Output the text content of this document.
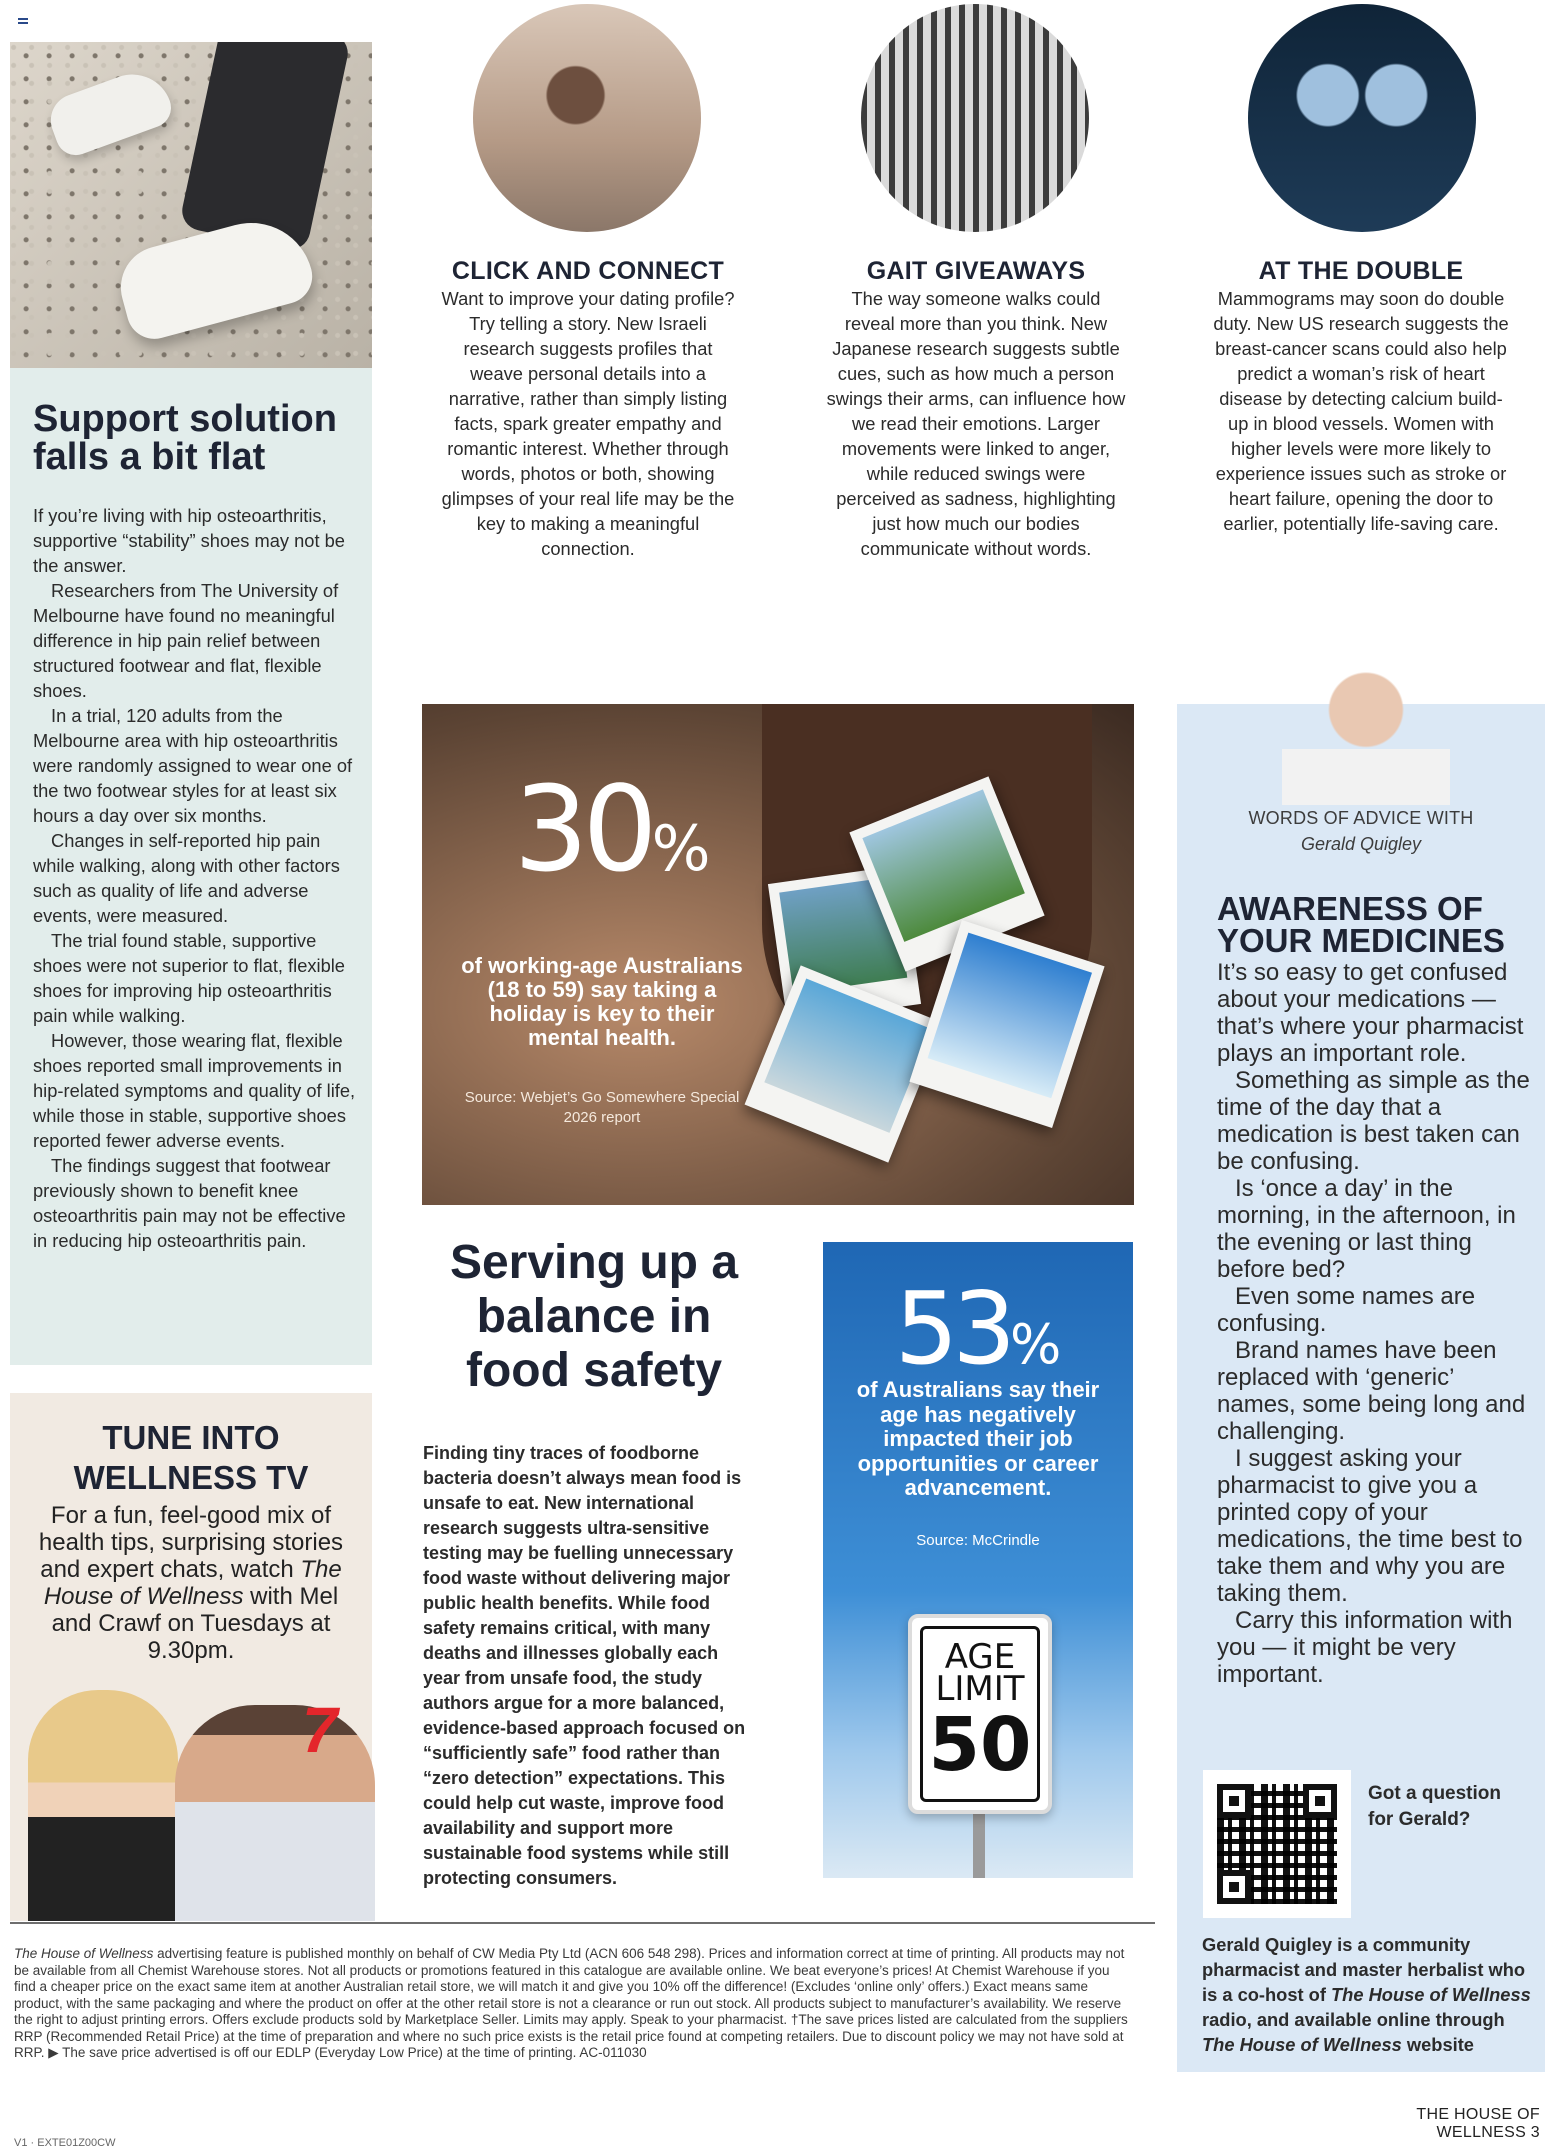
Support solution falls a bit flat

If you’re living with hip osteoarthritis, supportive “stability” shoes may not be the answer.

Researchers from The University of Melbourne have found no meaningful difference in hip pain relief between structured footwear and flat, flexible shoes.

In a trial, 120 adults from the Melbourne area with hip osteoarthritis were randomly assigned to wear one of the two footwear styles for at least six hours a day over six months.

Changes in self-reported hip pain while walking, along with other factors such as quality of life and adverse events, were measured.

The trial found stable, supportive shoes were not superior to flat, flexible shoes for improving hip osteoarthritis pain while walking.

However, those wearing flat, flexible shoes reported small improvements in hip-related symptoms and quality of life, while those in stable, supportive shoes reported fewer adverse events.

The findings suggest that footwear previously shown to benefit knee osteoarthritis pain may not be effective in reducing hip osteoarthritis pain.

TUNE INTO WELLNESS TV

For a fun, feel-good mix of health tips, surprising stories and expert chats, watch The House of Wellness with Mel and Crawf on Tuesdays at 9.30pm.

7
CLICK AND CONNECT

Want to improve your dating profile? Try telling a story. New Israeli research suggests profiles that weave personal details into a narrative, rather than simply listing facts, spark greater empathy and romantic interest. Whether through words, photos or both, showing glimpses of your real life may be the key to making a meaningful connection.

GAIT GIVEAWAYS

The way someone walks could reveal more than you think. New Japanese research suggests subtle cues, such as how much a person swings their arms, can influence how we read their emotions. Larger movements were linked to anger, while reduced swings were perceived as sadness, highlighting just how much our bodies communicate without words.

AT THE DOUBLE

Mammograms may soon do double duty. New US research suggests the breast-cancer scans could also help predict a woman’s risk of heart disease by detecting calcium build-up in blood vessels. Women with higher levels were more likely to experience issues such as stroke or heart failure, opening the door to earlier, potentially life-saving care.

30%

of working-age Australians (18 to 59) say taking a holiday is key to their mental health.

Source: Webjet’s Go Somewhere Special 2026 report

Serving up a balance in food safety

Finding tiny traces of foodborne bacteria doesn’t always mean food is unsafe to eat. New international research suggests ultra-sensitive testing may be fuelling unnecessary food waste without delivering major public health benefits. While food safety remains critical, with many deaths and illnesses globally each year from unsafe food, the study authors argue for a more balanced, evidence-based approach focused on “sufficiently safe” food rather than “zero detection” expectations. This could help cut waste, improve food availability and support more sustainable food systems while still protecting consumers.

53%

of Australians say their age has negatively impacted their job opportunities or career advancement.

Source: McCrindle

AGE LIMIT
50

WORDS OF ADVICE WITH

Gerald Quigley

AWARENESS OF YOUR MEDICINES

It’s so easy to get confused about your medications — that’s where your pharmacist plays an important role.

Something as simple as the time of the day that a medication is best taken can be confusing.

Is ‘once a day’ in the morning, in the afternoon, in the evening or last thing before bed?

Even some names are confusing.

Brand names have been replaced with ‘generic’ names, some being long and challenging.

I suggest asking your pharmacist to give you a printed copy of your medications, the time best to take them and why you are taking them.

Carry this information with you — it might be very important.

Got a question for Gerald?

Gerald Quigley is a community pharmacist and master herbalist who is a co-host of The House of Wellness radio, and available online through The House of Wellness website

The House of Wellness advertising feature is published monthly on behalf of CW Media Pty Ltd (ACN 606 548 298). Prices and information correct at time of printing. All products may not be available from all Chemist Warehouse stores. Not all products or promotions featured in this catalogue are available online. We beat everyone’s prices! At Chemist Warehouse if you find a cheaper price on the exact same item at another Australian retail store, we will match it and give you 10% off the difference! (Excludes ‘online only’ offers.) Exact means same product, with the same packaging and where the product on offer at the other retail store is not a clearance or run out stock. All products subject to manufacturer’s availability. We reserve the right to adjust printing errors. Offers exclude products sold by Marketplace Seller. Limits may apply. Speak to your pharmacist. †The save prices listed are calculated from the suppliers RRP (Recommended Retail Price) at the time of preparation and where no such price exists is the retail price found at competing retailers. Due to discount policy we may not have sold at RRP. ▶ The save price advertised is off our EDLP (Everyday Low Price) at the time of printing. AC-011030

THE HOUSE OF WELLNESS 3

V1 · EXTE01Z00CW
